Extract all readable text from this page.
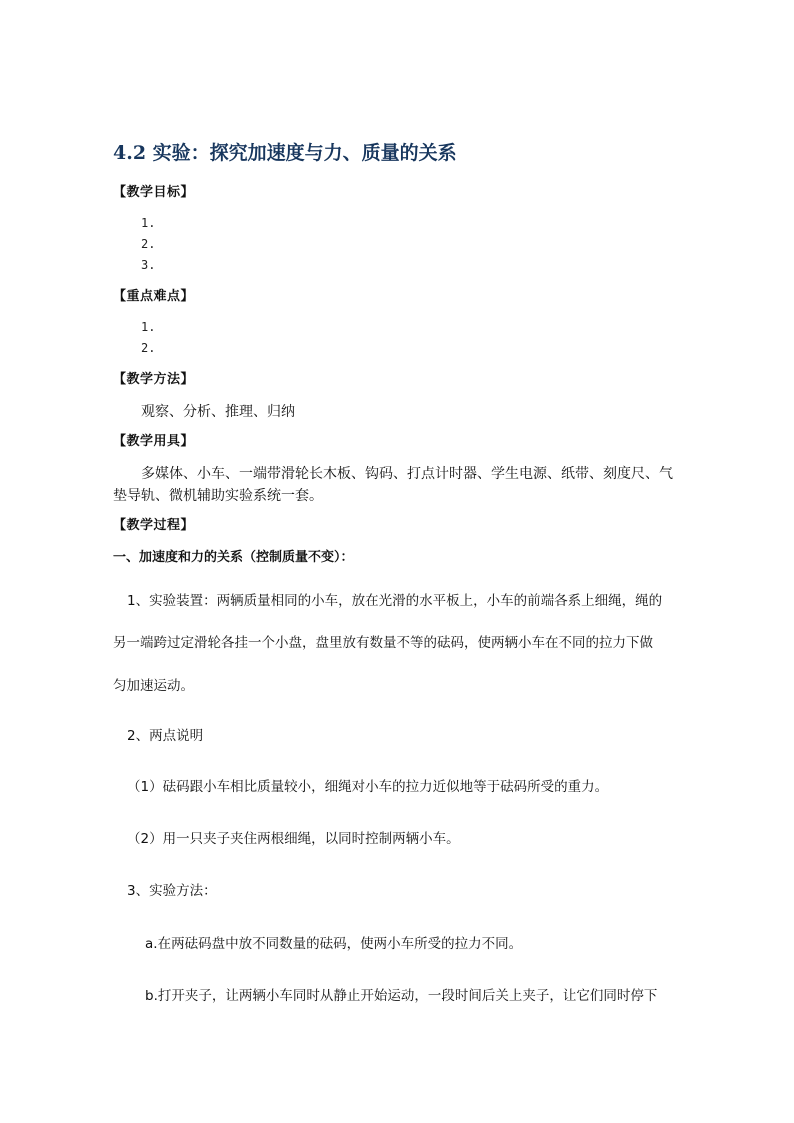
4.2 实验：探究加速度与力、质量的关系
【教学目标】
1.
2.
3.
【重点难点】
1.
2.
【教学方法】
观察、分析、推理、归纳
【教学用具】
多媒体、小车、一端带滑轮长木板、钩码、打点计时器、学生电源、纸带、刻度尺、气
垫导轨、微机辅助实验系统一套。
【教学过程】
一、加速度和力的关系（控制质量不变）：
1、实验装置：两辆质量相同的小车，放在光滑的水平板上，小车的前端各系上细绳，绳的
另一端跨过定滑轮各挂一个小盘，盘里放有数量不等的砝码，使两辆小车在不同的拉力下做
匀加速运动。
2、两点说明
（1）砝码跟小车相比质量较小，细绳对小车的拉力近似地等于砝码所受的重力。
（2）用一只夹子夹住两根细绳，以同时控制两辆小车。
3、实验方法：
a.在两砝码盘中放不同数量的砝码，使两小车所受的拉力不同。
b.打开夹子，让两辆小车同时从静止开始运动，一段时间后关上夹子，让它们同时停下
